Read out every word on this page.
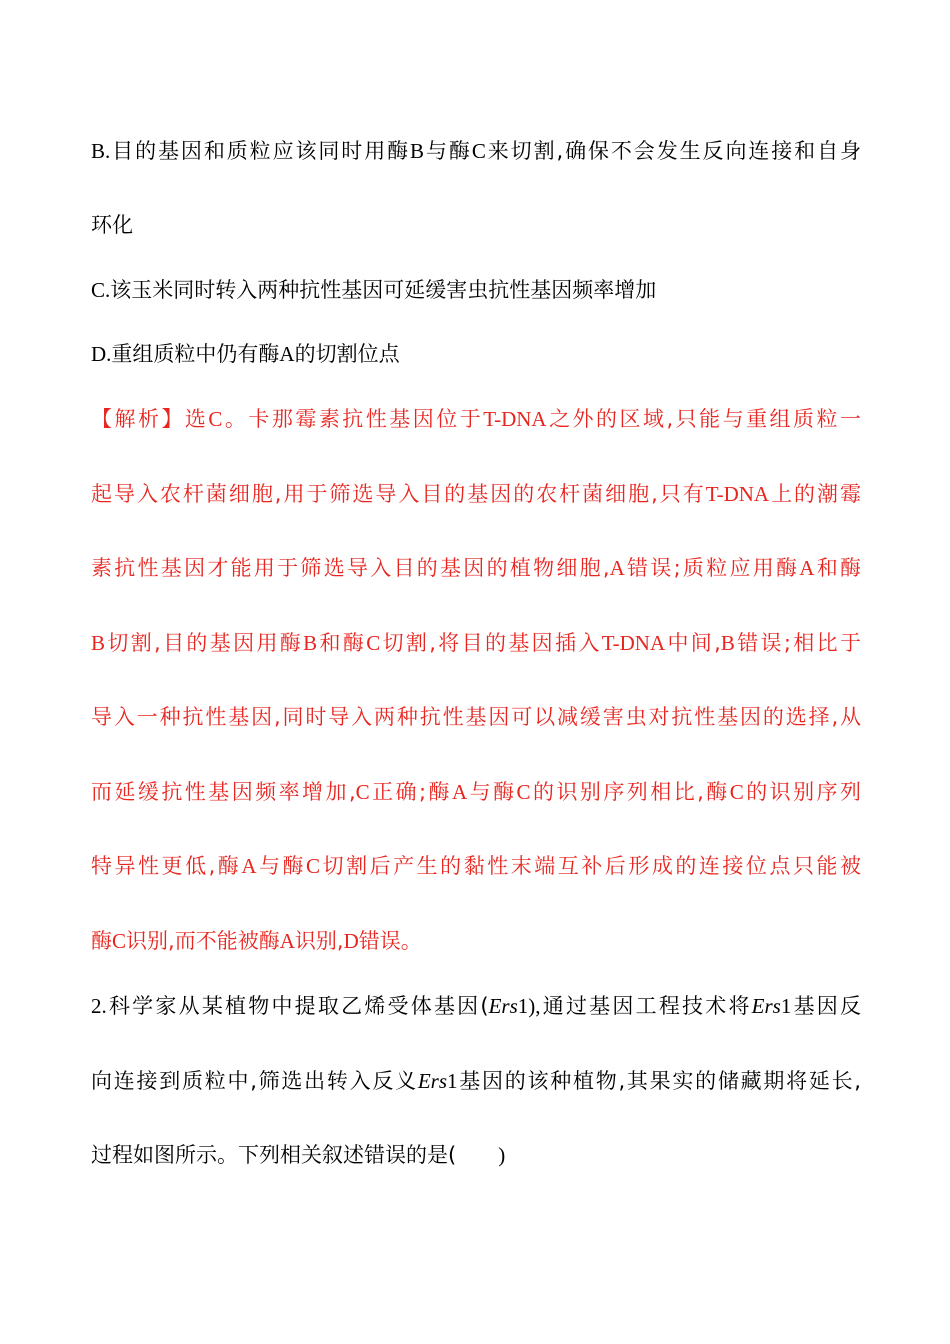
B.目的基因和质粒应该同时用酶B与酶C来切割,确保不会发生反向连接和自身
环化
C.该玉米同时转入两种抗性基因可延缓害虫抗性基因频率增加
D.重组质粒中仍有酶A的切割位点
【解析】选C。卡那霉素抗性基因位于T-DNA之外的区域,只能与重组质粒一
起导入农杆菌细胞,用于筛选导入目的基因的农杆菌细胞,只有T-DNA上的潮霉
素抗性基因才能用于筛选导入目的基因的植物细胞,A错误;质粒应用酶A和酶
B切割,目的基因用酶B和酶C切割,将目的基因插入T-DNA中间,B错误;相比于
导入一种抗性基因,同时导入两种抗性基因可以减缓害虫对抗性基因的选择,从
而延缓抗性基因频率增加,C正确;酶A与酶C的识别序列相比,酶C的识别序列
特异性更低,酶A与酶C切割后产生的黏性末端互补后形成的连接位点只能被
酶C识别,而不能被酶A识别,D错误。
2.科学家从某植物中提取乙烯受体基因(Ers1),通过基因工程技术将Ers1基因反
向连接到质粒中,筛选出转入反义Ers1基因的该种植物,其果实的储藏期将延长,
过程如图所示。下列相关叙述错误的是(   )
